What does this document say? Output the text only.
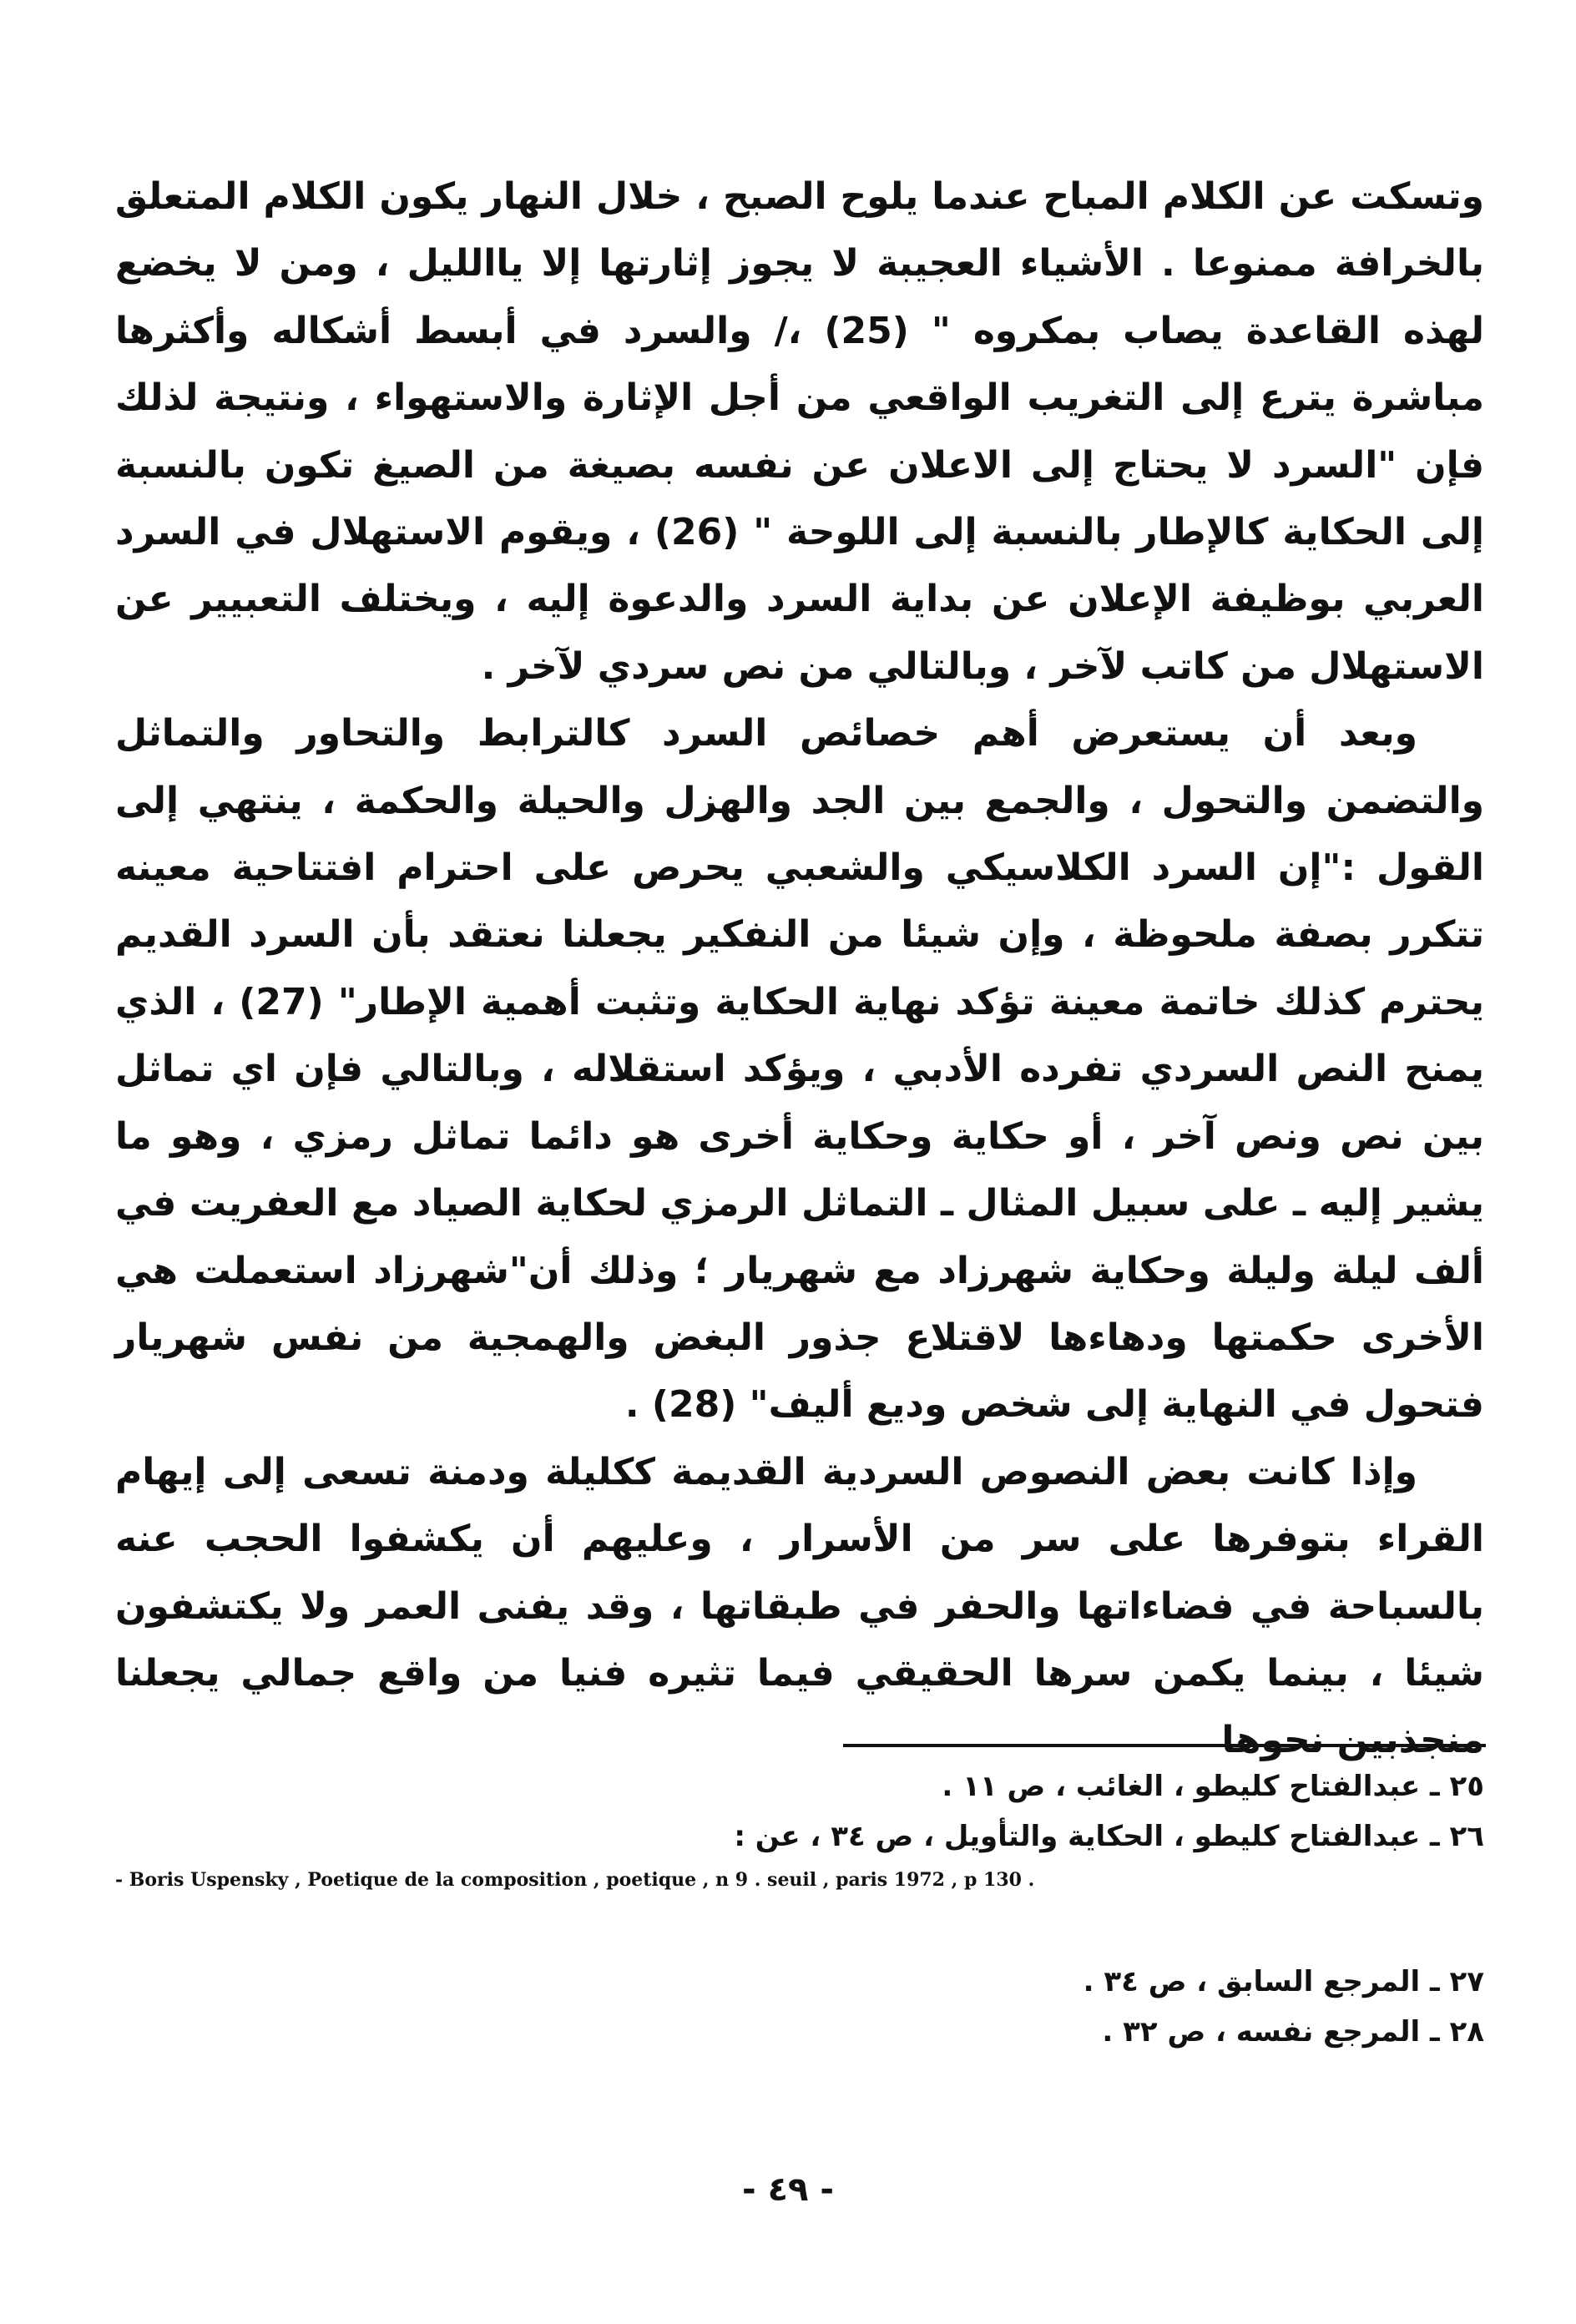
وتسكت عن الكلام المباح عندما يلوح الصبح ، خلال النهار يكون الكلام المتعلق بالخرافة ممنوعا . الأشياء العجيبة لا يجوز إثارتها إلا ياالليل ، ومن لا يخضع لهذه القاعدة يصاب بمكروه " (25) ،/ والسرد في أبسط أشكاله وأكثرها مباشرة يترع إلى التغريب الواقعي من أجل الإثارة والاستهواء ، ونتيجة لذلك فإن "السرد لا يحتاج إلى الاعلان عن نفسه بصيغة من الصيغ تكون بالنسبة إلى الحكاية كالإطار بالنسبة إلى اللوحة " (26) ، ويقوم الاستهلال في السرد العربي بوظيفة الإعلان عن بداية السرد والدعوة إليه ، ويختلف التعبيير عن الاستهلال من كاتب لآخر ، وبالتالي من نص سردي لآخر .

وبعد أن يستعرض أهم خصائص السرد كالترابط والتحاور والتماثل والتضمن والتحول ، والجمع بين الجد والهزل والحيلة والحكمة ، ينتهي إلى القول :"إن السرد الكلاسيكي والشعبي يحرص على احترام افتتاحية معينه تتكرر بصفة ملحوظة ، وإن شيئا من النفكير يجعلنا نعتقد بأن السرد القديم يحترم كذلك خاتمة معينة تؤكد نهاية الحكاية وتثبت أهمية الإطار" (27) ، الذي يمنح النص السردي تفرده الأدبي ، ويؤكد استقلاله ، وبالتالي فإن اي تماثل بين نص ونص آخر ، أو حكاية وحكاية أخرى هو دائما تماثل رمزي ، وهو ما يشير إليه ـ على سبيل المثال ـ التماثل الرمزي لحكاية الصياد مع العفريت في ألف ليلة وليلة وحكاية شهرزاد مع شهريار ؛ وذلك أن"شهرزاد استعملت هي الأخرى حكمتها ودهاءها لاقتلاع جذور البغض والهمجية من نفس شهريار فتحول في النهاية إلى شخص وديع أليف" (28) .

وإذا كانت بعض النصوص السردية القديمة ككليلة ودمنة تسعى إلى إيهام القراء بتوفرها على سر من الأسرار ، وعليهم أن يكشفوا الحجب عنه بالسباحة في فضاءاتها والحفر في طبقاتها ، وقد يفنى العمر ولا يكتشفون شيئا ، بينما يكمن سرها الحقيقي فيما تثيره فنيا من واقع جمالي يجعلنا منجذبين نحوها

٢٥ ـ عبدالفتاح كليطو ، الغائب ، ص ١١ .

٢٦ ـ عبدالفتاح كليطو ، الحكاية والتأويل ، ص ٣٤ ، عن :

- Boris Uspensky , Poetique de la composition , poetique , n 9 . seuil , paris 1972 , p 130 .

٢٧ ـ المرجع السابق ، ص ٣٤ .

٢٨ ـ المرجع نفسه ، ص ٣٢ .

- ٤٩ -
